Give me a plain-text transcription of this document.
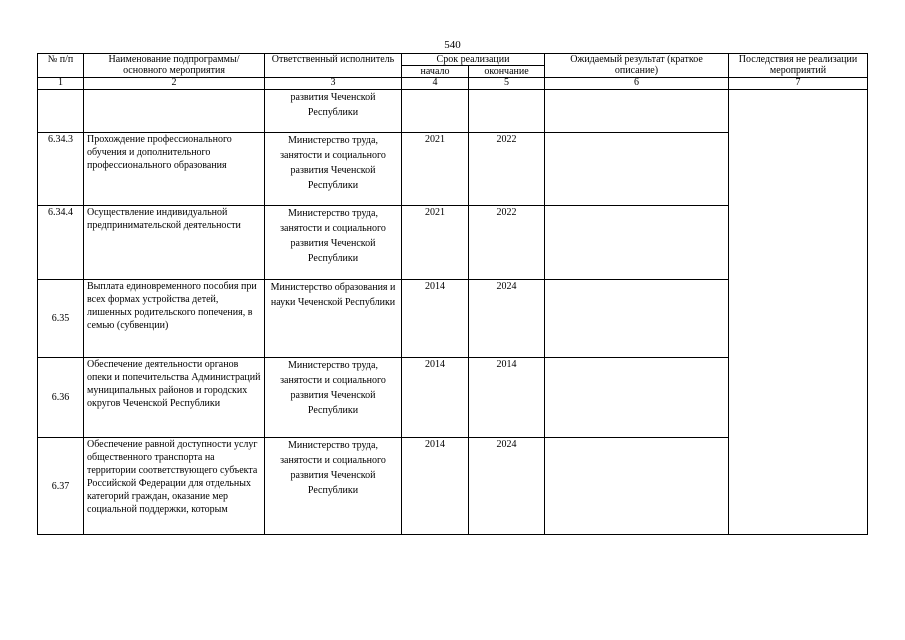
540
№ п/п	Наименование подпрограммы/ основного мероприятия	Ответственный исполнитель	Срок реализации		Ожидаемый результат (краткое описание)	Последствия не реализации мероприятий
			начало	окончание		
1	2	3	4	5	6	7
		развития Чеченской Республики				
6.34.3	Прохождение профессионального обучения и дополнительного профессионального образования	Министерство труда, занятости и социального развития Чеченской Республики	2021	2022		
6.34.4	Осуществление индивидуальной предпринимательской деятельности	Министерство труда, занятости и социального развития Чеченской Республики	2021	2022		
6.35	Выплата единовременного пособия при всех формах устройства детей, лишенных родительского попечения, в семью (субвенции)	Министерство образования и науки Чеченской Республики	2014	2024		
6.36	Обеспечение деятельности органов опеки и попечительства Администраций муниципальных районов и городских округов Чеченской Республики	Министерство труда, занятости и социального развития Чеченской Республики	2014	2014		
6.37	Обеспечение равной доступности услуг общественного транспорта на территории соответствующего субъекта Российской Федерации для отдельных категорий граждан, оказание мер социальной поддержки, которым	Министерство труда, занятости и социального развития Чеченской Республики	2014	2024		
